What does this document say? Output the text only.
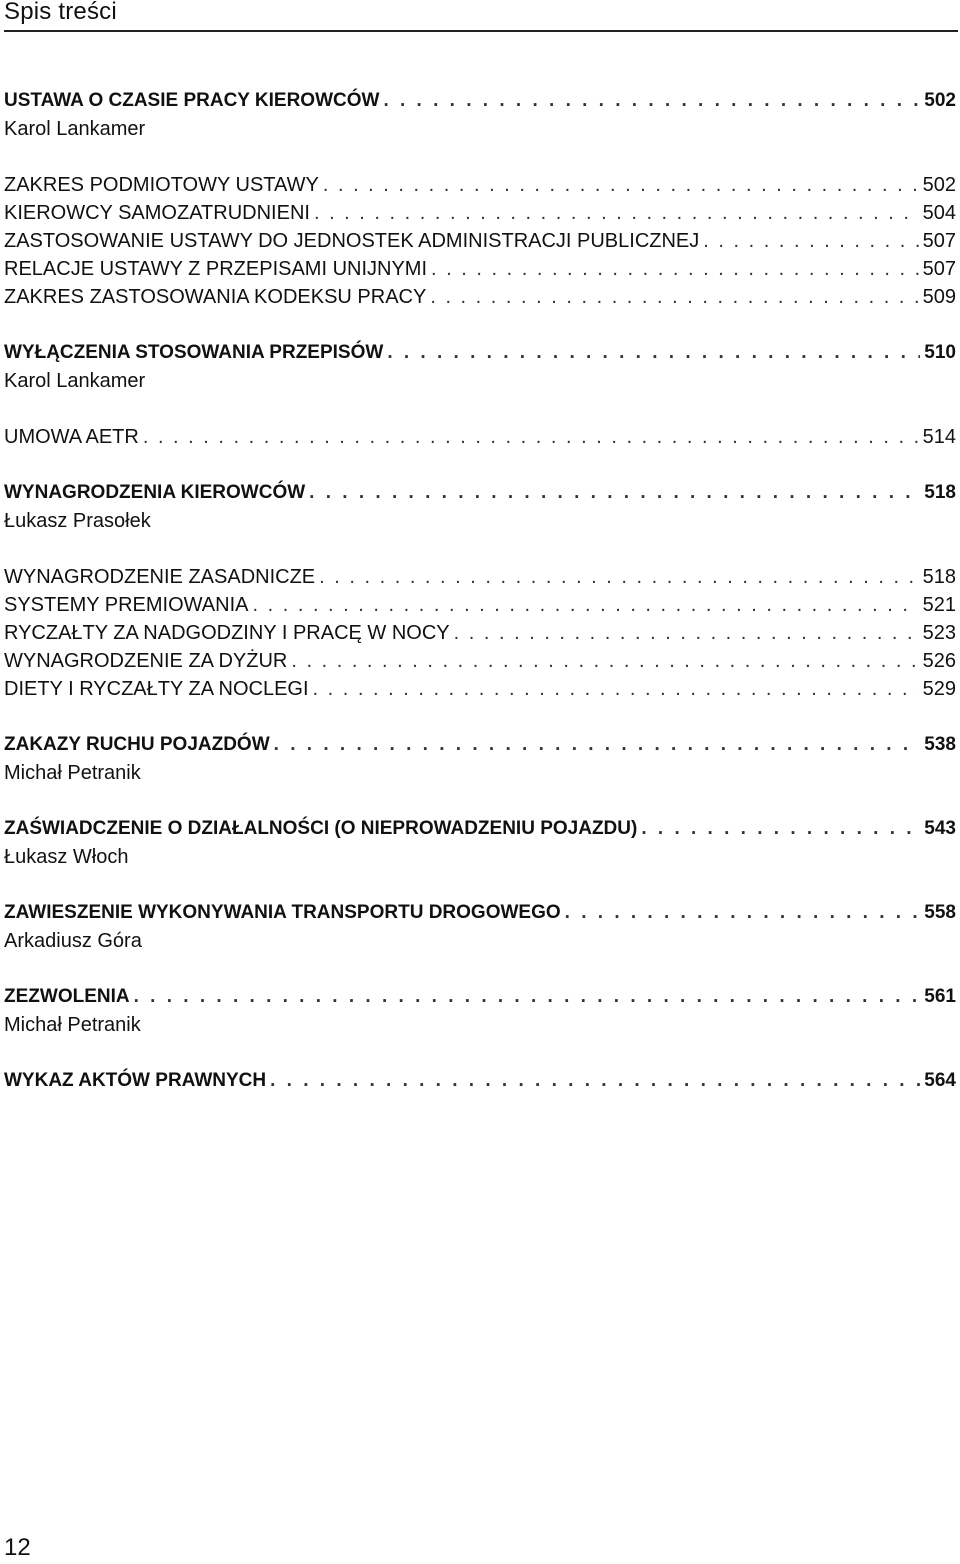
Spis treści
USTAWA O CZASIE PRACY KIEROWCÓW . . .	502
Karol Lankamer
ZAKRES PODMIOTOWY USTAWY . . .	502
KIEROWCY SAMOZATRUDNIENI . . .	504
ZASTOSOWANIE USTAWY DO JEDNOSTEK ADMINISTRACJI PUBLICZNEJ . . .	507
RELACJE USTAWY Z PRZEPISAMI UNIJNYMI . . .	507
ZAKRES ZASTOSOWANIA KODEKSU PRACY . . .	509
WYŁĄCZENIA STOSOWANIA PRZEPISÓW . . .	510
Karol Lankamer
UMOWA AETR . . .	514
WYNAGRODZENIA KIEROWCÓW . . .	518
Łukasz Prasołek
WYNAGRODZENIE ZASADNICZE . . .	518
SYSTEMY PREMIOWANIA . . .	521
RYCZAŁTY ZA NADGODZINY I PRACĘ W NOCY . . .	523
WYNAGRODZENIE ZA DYŻUR . . .	526
DIETY I RYCZAŁTY ZA NOCLEGI . . .	529
ZAKAZY RUCHU POJAZDÓW . . .	538
Michał Petranik
ZAŚWIADCZENIE O DZIAŁALNOŚCI (O NIEPROWADZENIU POJAZDU) . . .	543
Łukasz Włoch
ZAWIESZENIE WYKONYWANIA TRANSPORTU DROGOWEGO . . .	558
Arkadiusz Góra
ZEZWOLENIA . . .	561
Michał Petranik
WYKAZ AKTÓW PRAWNYCH . . .	564
12
